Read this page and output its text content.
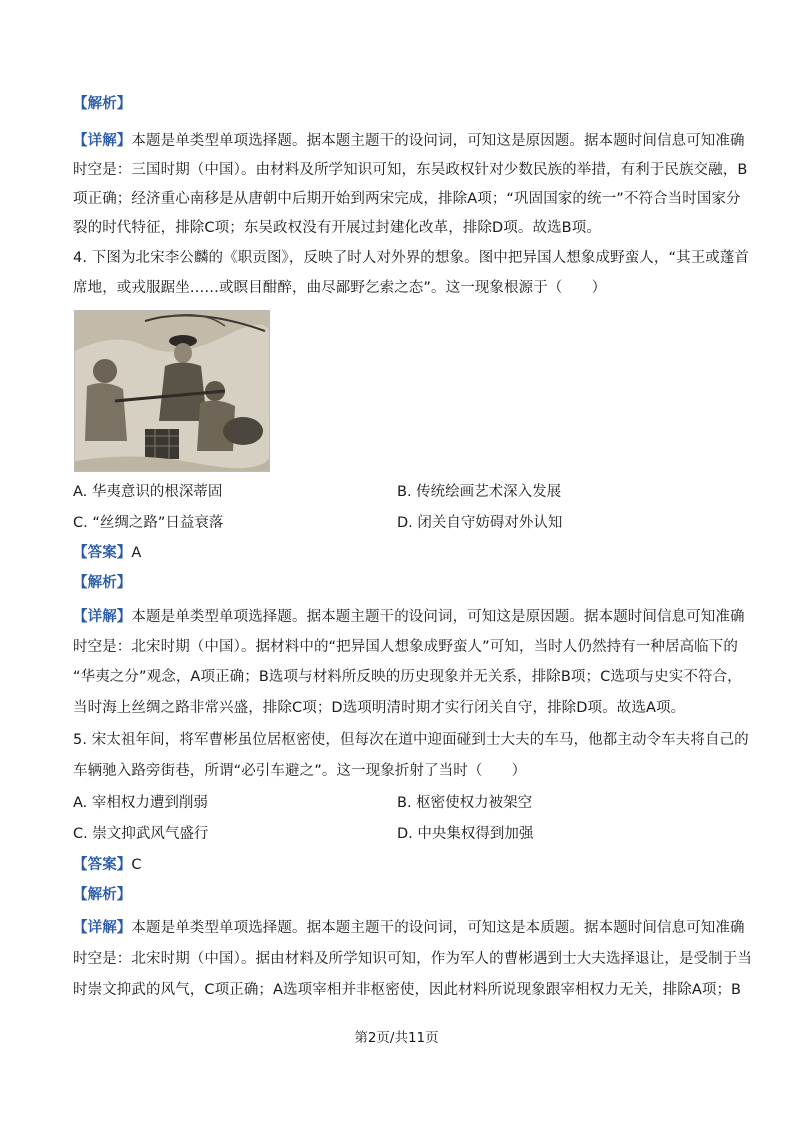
【解析】
【详解】本题是单类型单项选择题。据本题主题干的设问词，可知这是原因题。据本题时间信息可知准确
时空是：三国时期（中国）。由材料及所学知识可知，东吴政权针对少数民族的举措，有利于民族交融，B
项正确；经济重心南移是从唐朝中后期开始到两宋完成，排除A项；“巩固国家的统一”不符合当时国家分
裂的时代特征，排除C项；东吴政权没有开展过封建化改革，排除D项。故选B项。
4. 下图为北宋李公麟的《职贡图》，反映了时人对外界的想象。图中把异国人想象成野蛮人，“其王或蓬首
席地，或戎服踞坐……或瞑目酣醉，曲尽鄙野乞索之态”。这一现象根源于（　　）
A. 华夷意识的根深蒂固	B. 传统绘画艺术深入发展
C. “丝绸之路”日益衰落	D. 闭关自守妨碍对外认知
【答案】A
【解析】
【详解】本题是单类型单项选择题。据本题主题干的设问词，可知这是原因题。据本题时间信息可知准确
时空是：北宋时期（中国）。据材料中的“把异国人想象成野蛮人”可知，当时人仍然持有一种居高临下的
“华夷之分”观念，A项正确；B选项与材料所反映的历史现象并无关系，排除B项；C选项与史实不符合，
当时海上丝绸之路非常兴盛，排除C项；D选项明清时期才实行闭关自守，排除D项。故选A项。
5. 宋太祖年间，将军曹彬虽位居枢密使，但每次在道中迎面碰到士大夫的车马，他都主动令车夫将自己的
车辆驰入路旁街巷，所谓“必引车避之”。这一现象折射了当时（　　）
A. 宰相权力遭到削弱	B. 枢密使权力被架空
C. 崇文抑武风气盛行	D. 中央集权得到加强
【答案】C
【解析】
【详解】本题是单类型单项选择题。据本题主题干的设问词，可知这是本质题。据本题时间信息可知准确
时空是：北宋时期（中国）。据由材料及所学知识可知，作为军人的曹彬遇到士大夫选择退让，是受制于当
时崇文抑武的风气，C项正确；A选项宰相并非枢密使，因此材料所说现象跟宰相权力无关，排除A项；B
第2页/共11页
